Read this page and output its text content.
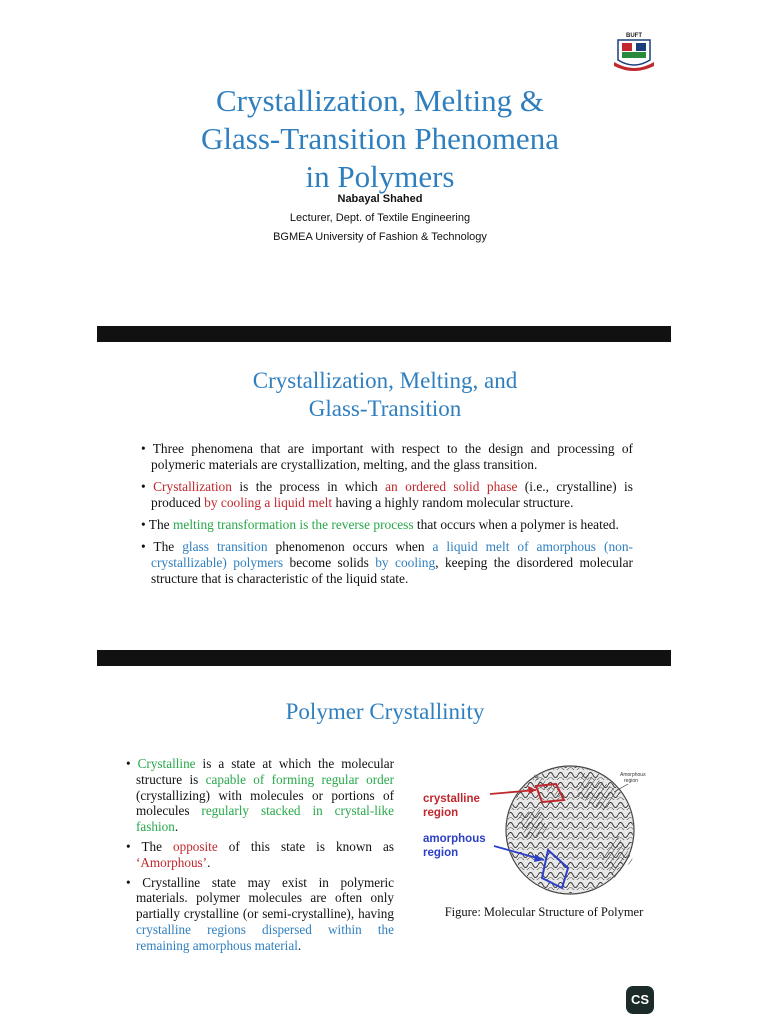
BUFT
Crystallization, Melting &
Glass-Transition Phenomena
in Polymers
Nabayal Shahed
Lecturer, Dept. of Textile Engineering
BGMEA University of Fashion & Technology
Crystallization, Melting, and
Glass-Transition

• Three phenomena that are important with respect to the design and processing of polymeric materials are crystallization, melting, and the glass transition.

• Crystallization is the process in which an ordered solid phase (i.e., crystalline) is produced by cooling a liquid melt having a highly random molecular structure.

• The melting transformation is the reverse process that occurs when a polymer is heated.

• The glass transition phenomenon occurs when a liquid melt of amorphous (non-crystallizable) polymers become solids by cooling, keeping the disordered molecular structure that is characteristic of the liquid state.

Polymer Crystallinity

• Crystalline is a state at which the molecular structure is capable of forming regular order (crystallizing) with molecules or portions of molecules regularly stacked in crystal-like fashion.

• The opposite of this state is known as ‘Amorphous’.

• Crystalline state may exist in polymeric materials. polymer molecules are often only partially crystalline (or semi-crystalline), having crystalline regions dispersed within the remaining amorphous material.

crystalline region
amorphous region
Amorphous region
Figure: Molecular Structure of Polymer
CS
